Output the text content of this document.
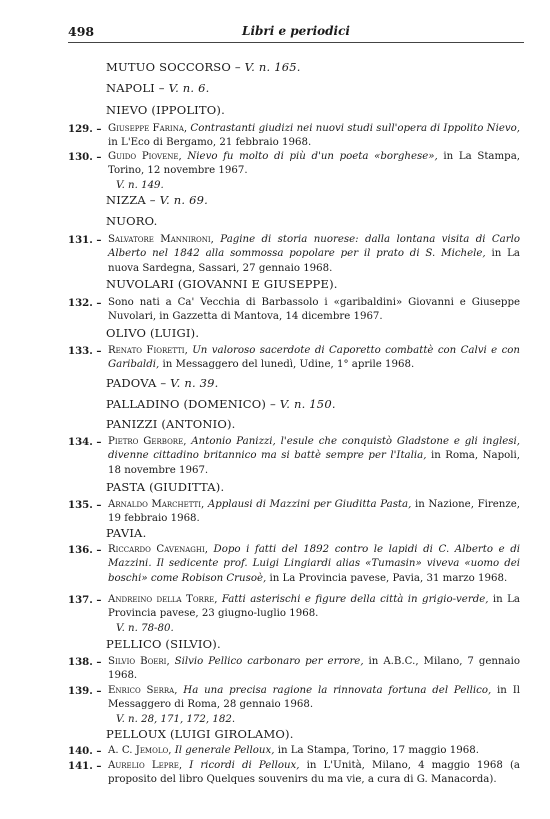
498	Libri e periodici
MUTUO SOCCORSO – V. n. 165.
NAPOLI – V. n. 6.
NIEVO (IPPOLITO).
129. – Giuseppe Farina, Contrastanti giudizi nei nuovi studi sull'opera di Ippolito Nievo, in L'Eco di Bergamo, 21 febbraio 1968.
130. – Guido Piovene, Nievo fu molto di più d'un poeta «borghese», in La Stampa, Torino, 12 novembre 1967.
V. n. 149.
NIZZA – V. n. 69.
NUORO.
131. – Salvatore Mannironi, Pagine di storia nuorese: dalla lontana visita di Carlo Alberto nel 1842 alla sommossa popolare per il prato di S. Michele, in La nuova Sardegna, Sassari, 27 gennaio 1968.
NUVOLARI (GIOVANNI E GIUSEPPE).
132. – Sono nati a Ca' Vecchia di Barbassolo i «garibaldini» Giovanni e Giuseppe Nuvolari, in Gazzetta di Mantova, 14 dicembre 1967.
OLIVO (LUIGI).
133. – Renato Fioretti, Un valoroso sacerdote di Caporetto combattè con Calvi e con Garibaldi, in Messaggero del lunedì, Udine, 1° aprile 1968.
PADOVA – V. n. 39.
PALLADINO (DOMENICO) – V. n. 150.
PANIZZI (ANTONIO).
134. – Pietro Gerbore, Antonio Panizzi, l'esule che conquistò Gladstone e gli inglesi, divenne cittadino britannico ma si battè sempre per l'Italia, in Roma, Napoli, 18 novembre 1967.
PASTA (GIUDITTA).
135. – Arnaldo Marchetti, Applausi di Mazzini per Giuditta Pasta, in Nazione, Firenze, 19 febbraio 1968.
PAVIA.
136. – Riccardo Cavenaghi, Dopo i fatti del 1892 contro le lapidi di C. Alberto e di Mazzini. Il sedicente prof. Luigi Lingiardi alias «Tumasin» viveva «uomo dei boschi» come Robison Crusoè, in La Provincia pavese, Pavia, 31 marzo 1968.
137. – Andreino della Torre, Fatti asterischi e figure della città in grigio-verde, in La Provincia pavese, 23 giugno-luglio 1968.
V. n. 78-80.
PELLICO (SILVIO).
138. – Silvio Boeri, Silvio Pellico carbonaro per errore, in A.B.C., Milano, 7 gennaio 1968.
139. – Enrico Serra, Ha una precisa ragione la rinnovata fortuna del Pellico, in Il Messaggero di Roma, 28 gennaio 1968.
V. n. 28, 171, 172, 182.
PELLOUX (LUIGI GIROLAMO).
140. – A. C. Jemolo, Il generale Pelloux, in La Stampa, Torino, 17 maggio 1968.
141. – Aurelio Lepre, I ricordi di Pelloux, in L'Unità, Milano, 4 maggio 1968 (a proposito del libro Quelques souvenirs du ma vie, a cura di G. Manacorda).
